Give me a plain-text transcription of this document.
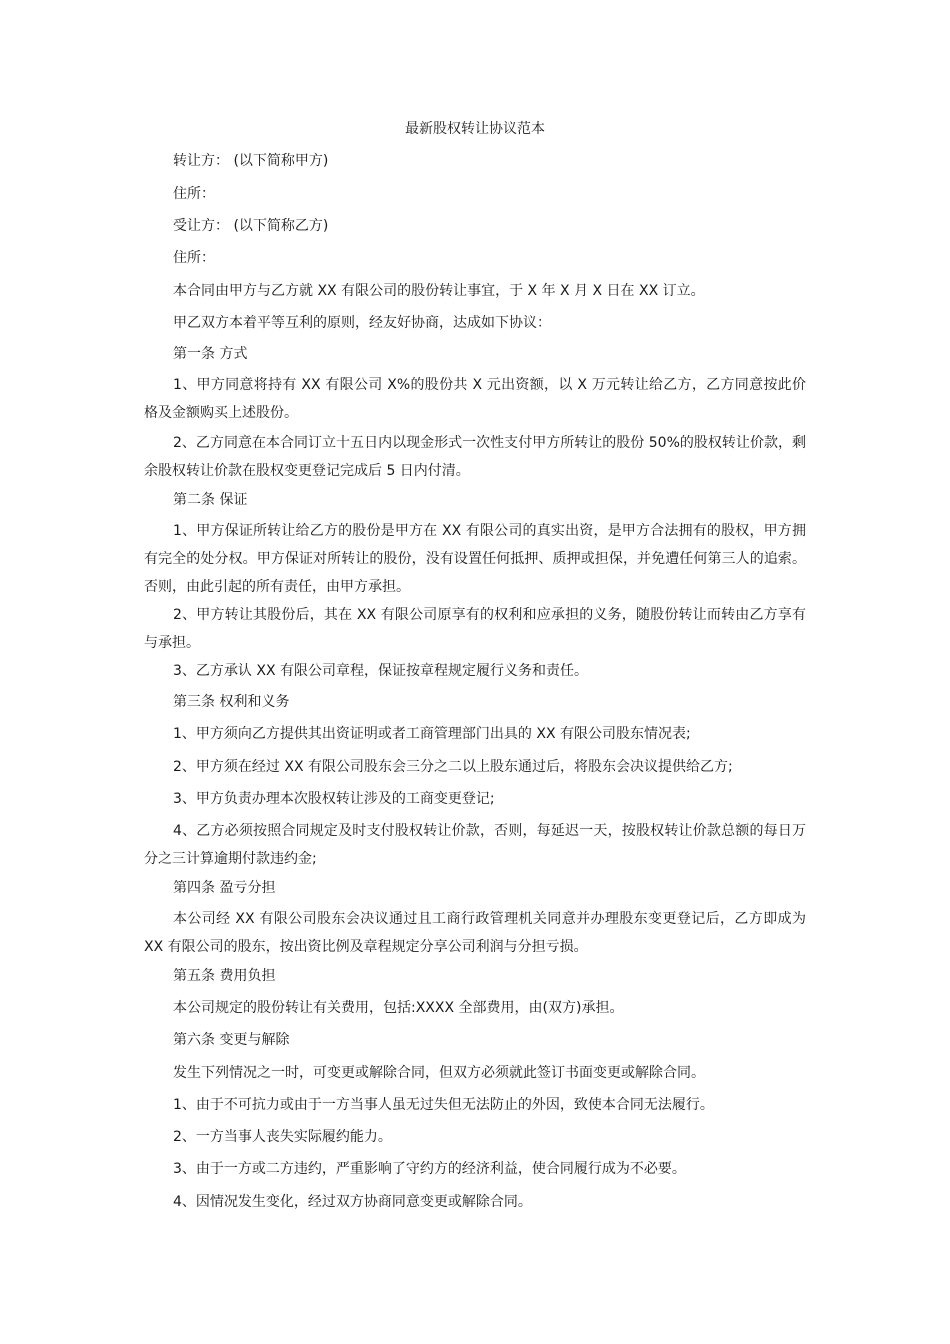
最新股权转让协议范本

转让方： (以下简称甲方)

住所：

受让方： (以下简称乙方)

住所：

本合同由甲方与乙方就 XX 有限公司的股份转让事宜，于 X 年 X 月 X 日在 XX 订立。

甲乙双方本着平等互利的原则，经友好协商，达成如下协议：

第一条 方式

1、甲方同意将持有 XX 有限公司 X%的股份共 X 元出资额，以 X 万元转让给乙方，乙方同意按此价格及金额购买上述股份。

2、乙方同意在本合同订立十五日内以现金形式一次性支付甲方所转让的股份 50%的股权转让价款，剩余股权转让价款在股权变更登记完成后 5 日内付清。

第二条 保证

1、甲方保证所转让给乙方的股份是甲方在 XX 有限公司的真实出资，是甲方合法拥有的股权，甲方拥有完全的处分权。甲方保证对所转让的股份，没有设置任何抵押、质押或担保，并免遭任何第三人的追索。否则，由此引起的所有责任，由甲方承担。

2、甲方转让其股份后，其在 XX 有限公司原享有的权利和应承担的义务，随股份转让而转由乙方享有与承担。

3、乙方承认 XX 有限公司章程，保证按章程规定履行义务和责任。

第三条 权利和义务

1、甲方须向乙方提供其出资证明或者工商管理部门出具的 XX 有限公司股东情况表;

2、甲方须在经过 XX 有限公司股东会三分之二以上股东通过后，将股东会决议提供给乙方;

3、甲方负责办理本次股权转让涉及的工商变更登记;

4、乙方必须按照合同规定及时支付股权转让价款，否则，每延迟一天，按股权转让价款总额的每日万分之三计算逾期付款违约金;

第四条 盈亏分担

本公司经 XX 有限公司股东会决议通过且工商行政管理机关同意并办理股东变更登记后，乙方即成为 XX 有限公司的股东，按出资比例及章程规定分享公司利润与分担亏损。

第五条 费用负担

本公司规定的股份转让有关费用，包括:XXXX 全部费用，由(双方)承担。

第六条 变更与解除

发生下列情况之一时，可变更或解除合同，但双方必须就此签订书面变更或解除合同。

1、由于不可抗力或由于一方当事人虽无过失但无法防止的外因，致使本合同无法履行。

2、一方当事人丧失实际履约能力。

3、由于一方或二方违约，严重影响了守约方的经济利益，使合同履行成为不必要。

4、因情况发生变化，经过双方协商同意变更或解除合同。
